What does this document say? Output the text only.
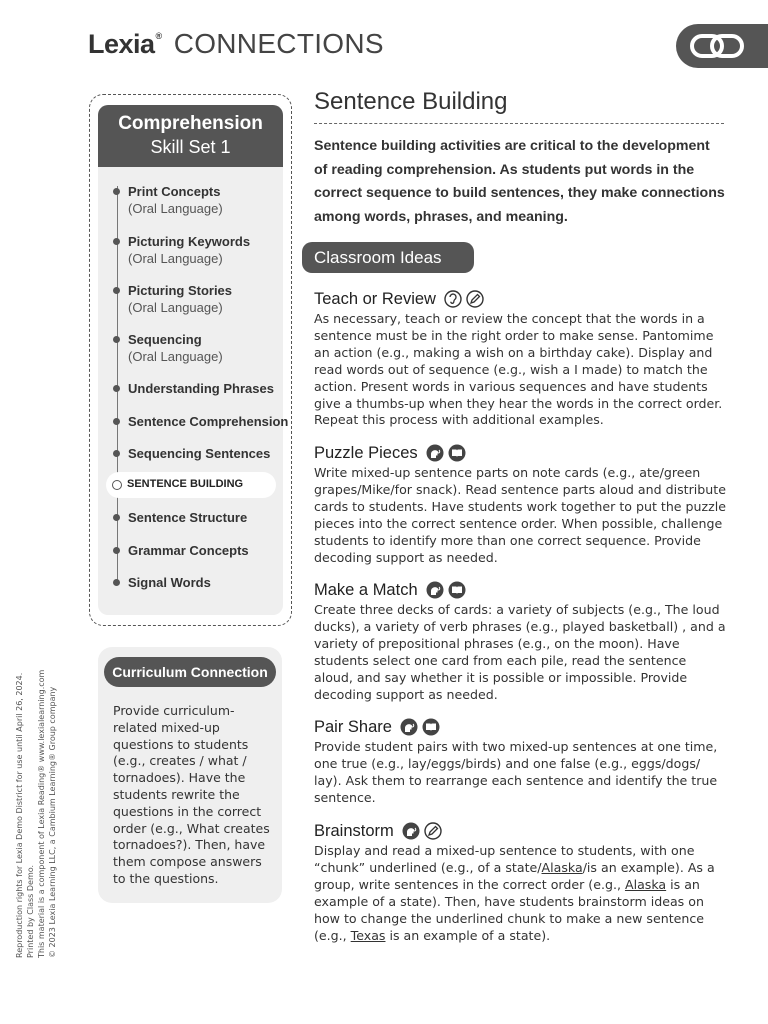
Lexia® CONNECTIONS
Comprehension
Skill Set 1
Print Concepts
(Oral Language)
Picturing Keywords
(Oral Language)
Picturing Stories
(Oral Language)
Sequencing
(Oral Language)
Understanding Phrases
Sentence Comprehension
Sequencing Sentences
SENTENCE BUILDING
Sentence Structure
Grammar Concepts
Signal Words
Curriculum Connection
Provide curriculum-related mixed-up questions to students (e.g., creates / what / tornadoes). Have the students rewrite the questions in the correct order (e.g., What creates tornadoes?). Then, have them compose answers to the questions.
Reproduction rights for Lexia Demo District for use until April 26, 2024. Printed by Class Demo. This material is a component of Lexia Reading® www.lexialearning.com © 2023 Lexia Learning LLC, a Cambium Learning® Group company
Sentence Building

Sentence building activities are critical to the development of reading comprehension. As students put words in the correct sequence to build sentences, they make connections among words, phrases, and meaning.

Classroom Ideas
Teach or Review

As necessary, teach or review the concept that the words in a sentence must be in the right order to make sense. Pantomime an action (e.g., making a wish on a birthday cake). Display and read words out of sequence (e.g., wish a I made) to match the action. Present words in various sequences and have students give a thumbs-up when they hear the words in the correct order. Repeat this process with additional examples.

Puzzle Pieces

Write mixed-up sentence parts on note cards (e.g., ate/green grapes/Mike/for snack). Read sentence parts aloud and distribute cards to students. Have students work together to put the puzzle pieces into the correct sentence order. When possible, challenge students to identify more than one correct sequence. Provide decoding support as needed.

Make a Match

Create three decks of cards: a variety of subjects (e.g., The loud ducks), a variety of verb phrases (e.g., played basketball) , and a variety of prepositional phrases (e.g., on the moon). Have students select one card from each pile, read the sentence aloud, and say whether it is possible or impossible. Provide decoding support as needed.

Pair Share

Provide student pairs with two mixed-up sentences at one time, one true (e.g., lay/eggs/birds) and one false (e.g., eggs/dogs/ lay). Ask them to rearrange each sentence and identify the true sentence.

Brainstorm

Display and read a mixed-up sentence to students, with one “chunk” underlined (e.g., of a state/Alaska/is an example). As a group, write sentences in the correct order (e.g., Alaska is an example of a state). Then, have students brainstorm ideas on how to change the underlined chunk to make a new sentence (e.g., Texas is an example of a state).
